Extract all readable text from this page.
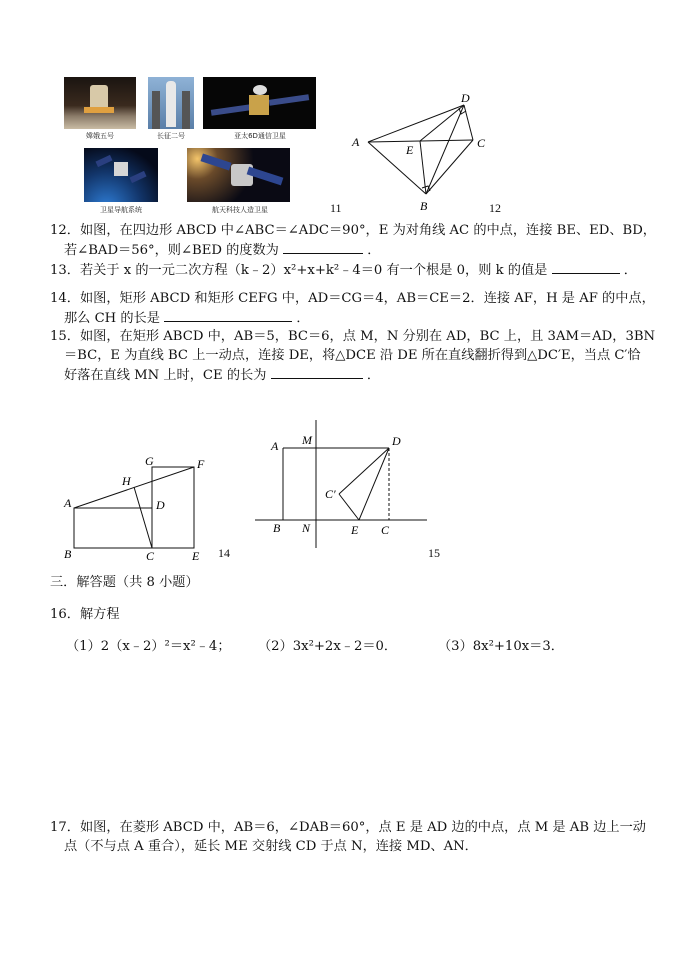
嫦娥五号	长征二号	亚太6D通信卫星
卫星导航系统	航天科技人造卫星	11
D
A	C
E
B	12
12．如图，在四边形 ABCD 中∠ABC＝∠ADC＝90°，E 为对角线 AC 的中点，连接 BE、ED、BD，
若∠BAD＝56°，则∠BED 的度数为	．
13．若关于 x 的一元二次方程（k﹣2）x²+x+k²﹣4＝0 有一个根是 0，则 k 的值是	．
14．如图，矩形 ABCD 和矩形 CEFG 中，AD＝CG＝4，AB＝CE＝2．连接 AF，H 是 AF 的中点，
那么 CH 的长是	．
15．如图，在矩形 ABCD 中，AB＝5，BC＝6，点 M，N 分别在 AD，BC 上，且 3AM＝AD，3BN
＝BC，E 为直线 BC 上一动点，连接 DE，将△DCE 沿 DE 所在直线翻折得到△DC′E，当点 C′恰
好落在直线 MN 上时，CE 的长为	．
G	F
H
A	D
B	C	E 14
A M	D
C′
B N	E C
15
三．解答题（共 8 小题）
16．解方程
（1）2（x﹣2）²＝x²﹣4；	（2）3x²+2x﹣2＝0．	（3）8x²+10x＝3．
17．如图，在菱形 ABCD 中，AB＝6，∠DAB＝60°，点 E 是 AD 边的中点，点 M 是 AB 边上一动
点（不与点 A 重合），延长 ME 交射线 CD 于点 N，连接 MD、AN．
